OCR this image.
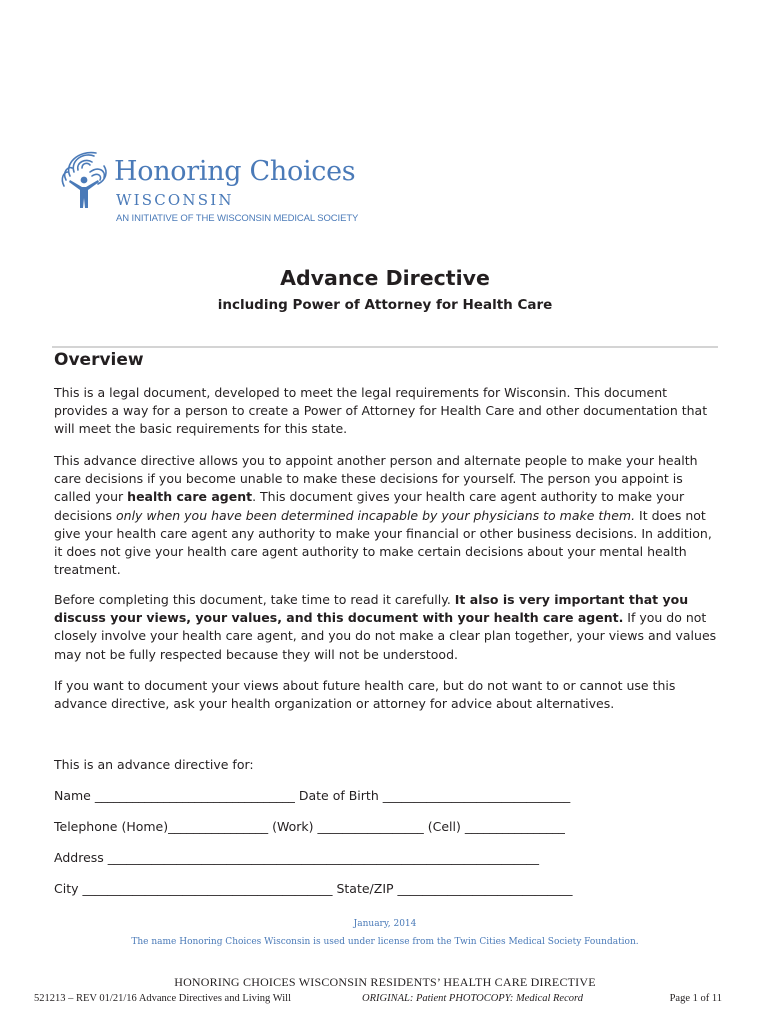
Honoring Choices
WISCONSIN
AN INITIATIVE OF THE WISCONSIN MEDICAL SOCIETY
Advance Directive
including Power of Attorney for Health Care
Overview

This is a legal document, developed to meet the legal requirements for Wisconsin. This document provides a way for a person to create a Power of Attorney for Health Care and other documentation that will meet the basic requirements for this state.

This advance directive allows you to appoint another person and alternate people to make your health care decisions if you become unable to make these decisions for yourself. The person you appoint is called your health care agent. This document gives your health care agent authority to make your decisions only when you have been determined incapable by your physicians to make them. It does not give your health care agent any authority to make your financial or other business decisions. In addition, it does not give your health care agent authority to make certain decisions about your mental health treatment.

Before completing this document, take time to read it carefully. It also is very important that you discuss your views, your values, and this document with your health care agent. If you do not closely involve your health care agent, and you do not make a clear plan together, your views and values may not be fully respected because they will not be understood.

If you want to document your views about future health care, but do not want to or cannot use this advance directive, ask your health organization or attorney for advice about alternatives.

This is an advance directive for:
Name ________________________________ Date of Birth ______________________________
Telephone (Home)________________ (Work) _________________ (Cell) ________________
Address _____________________________________________________________________
City ________________________________________ State/ZIP ____________________________
January, 2014
The name Honoring Choices Wisconsin is used under license from the Twin Cities Medical Society Foundation.
HONORING CHOICES WISCONSIN RESIDENTS’ HEALTH CARE DIRECTIVE
521213 – REV 01/21/16 Advance Directives and Living Will	ORIGINAL: Patient PHOTOCOPY: Medical Record	Page 1 of 11
